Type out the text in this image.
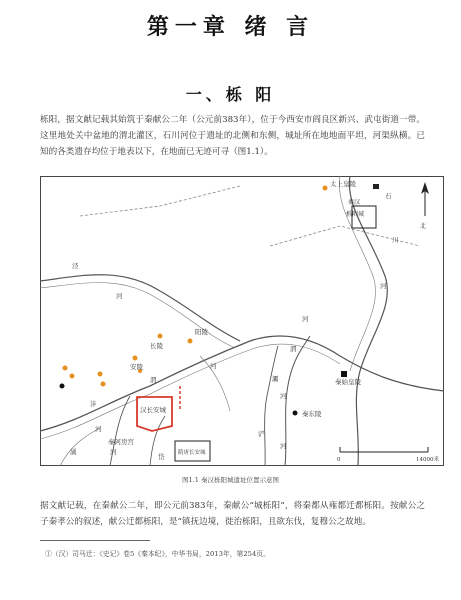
第一章 绪 言
一、栎 阳
栎阳，据文献记载其始筑于秦献公二年（公元前383年），位于今西安市阎良区新兴、武屯街道一带。这里地处关中盆地的渭北灌区，石川河位于遗址的北侧和东侧，城址所在地地面平坦，河渠纵横。已知的各类遗存均位于地表以下，在地面已无迹可寻（图1.1）。
北
太上皇陵
石
川
河
秦汉
栎阳城
泾
河
阳陵
长陵
安陵
渭
河
渭
河
秦始皇陵
秦东陵
灞
河
浐
河
沣
河
潏	河
汉长安城
秦阿房宫
岱 隋唐长安城
0	14000米
图1.1 秦汉栎阳城遗址位置示意图
据文献记载，在秦献公二年，即公元前383年，秦献公“城栎阳”，将秦都从雍都迁都栎阳。按献公之子秦孝公的叙述，献公迁都栎阳，是“镇抚边境，徙治栎阳，且欲东伐，复穆公之故地。
①（汉）司马迁：《史记》卷5《秦本纪》，中华书局，2013年，第254页。
